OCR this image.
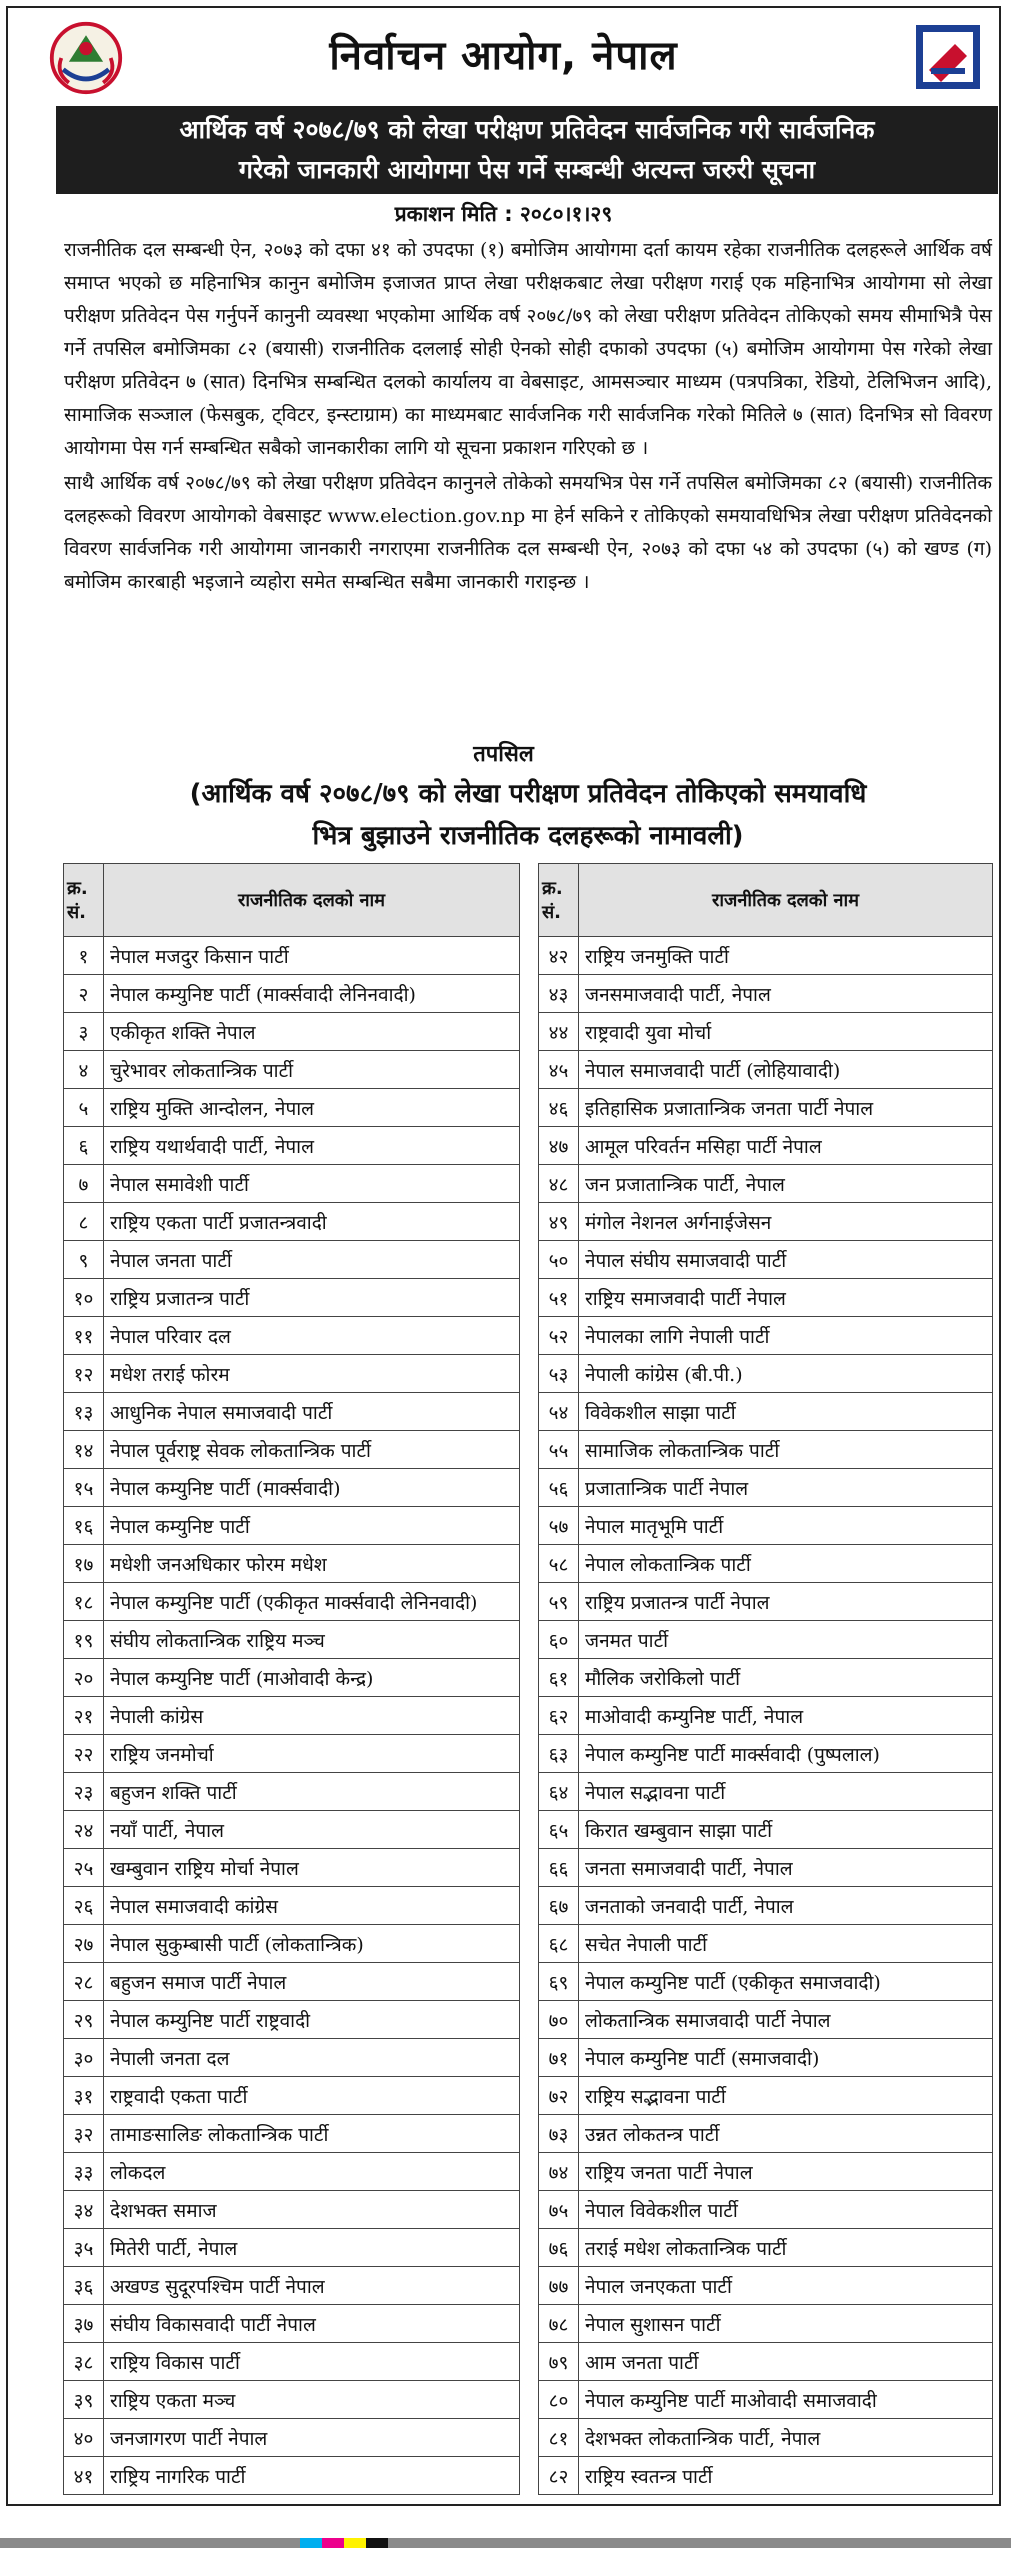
निर्वाचन आयोग, नेपाल
आर्थिक वर्ष २०७८/७९ को लेखा परीक्षण प्रतिवेदन सार्वजनिक गरी सार्वजनिक
गरेको जानकारी आयोगमा पेस गर्ने सम्बन्धी अत्यन्त जरुरी सूचना
प्रकाशन मिति : २०८०।१।२९

राजनीतिक दल सम्बन्धी ऐन, २०७३ को दफा ४१ को उपदफा (१) बमोजिम आयोगमा दर्ता कायम रहेका राजनीतिक दलहरूले आर्थिक वर्ष समाप्त भएको छ महिनाभित्र कानुन बमोजिम इजाजत प्राप्त लेखा परीक्षकबाट लेखा परीक्षण गराई एक महिनाभित्र आयोगमा सो लेखा परीक्षण प्रतिवेदन पेस गर्नुपर्ने कानुनी व्यवस्था भएकोमा आर्थिक वर्ष २०७८/७९ को लेखा परीक्षण प्रतिवेदन तोकिएको समय सीमाभित्रै पेस गर्ने तपसिल बमोजिमका ८२ (बयासी) राजनीतिक दललाई सोही ऐनको सोही दफाको उपदफा (५) बमोजिम आयोगमा पेस गरेको लेखा परीक्षण प्रतिवेदन ७ (सात) दिनभित्र सम्बन्धित दलको कार्यालय वा वेबसाइट, आमसञ्चार माध्यम (पत्रपत्रिका, रेडियो, टेलिभिजन आदि), सामाजिक सञ्जाल (फेसबुक, ट्विटर, इन्स्टाग्राम) का माध्यमबाट सार्वजनिक गरी सार्वजनिक गरेको मितिले ७ (सात) दिनभित्र सो विवरण आयोगमा पेस गर्न सम्बन्धित सबैको जानकारीका लागि यो सूचना प्रकाशन गरिएको छ ।

साथै आर्थिक वर्ष २०७८/७९ को लेखा परीक्षण प्रतिवेदन कानुनले तोकेको समयभित्र पेस गर्ने तपसिल बमोजिमका ८२ (बयासी) राजनीतिक दलहरूको विवरण आयोगको वेबसाइट www.election.gov.np मा हेर्न सकिने र तोकिएको समयावधिभित्र लेखा परीक्षण प्रतिवेदनको विवरण सार्वजनिक गरी आयोगमा जानकारी नगराएमा राजनीतिक दल सम्बन्धी ऐन, २०७३ को दफा ५४ को उपदफा (५) को खण्ड (ग) बमोजिम कारबाही भइजाने व्यहोरा समेत सम्बन्धित सबैमा जानकारी गराइन्छ ।

तपसिल
(आर्थिक वर्ष २०७८/७९ को लेखा परीक्षण प्रतिवेदन तोकिएको समयावधि
भित्र बुझाउने राजनीतिक दलहरूको नामावली)
क्र.
सं.	राजनीतिक दलको नाम
१	नेपाल मजदुर किसान पार्टी
२	नेपाल कम्युनिष्ट पार्टी (मार्क्सवादी लेनिनवादी)
३	एकीकृत शक्ति नेपाल
४	चुरेभावर लोकतान्त्रिक पार्टी
५	राष्ट्रिय मुक्ति आन्दोलन, नेपाल
६	राष्ट्रिय यथार्थवादी पार्टी, नेपाल
७	नेपाल समावेशी पार्टी
८	राष्ट्रिय एकता पार्टी प्रजातन्त्रवादी
९	नेपाल जनता पार्टी
१०	राष्ट्रिय प्रजातन्त्र पार्टी
११	नेपाल परिवार दल
१२	मधेश तराई फोरम
१३	आधुनिक नेपाल समाजवादी पार्टी
१४	नेपाल पूर्वराष्ट्र सेवक लोकतान्त्रिक पार्टी
१५	नेपाल कम्युनिष्ट पार्टी (मार्क्सवादी)
१६	नेपाल कम्युनिष्ट पार्टी
१७	मधेशी जनअधिकार फोरम मधेश
१८	नेपाल कम्युनिष्ट पार्टी (एकीकृत मार्क्सवादी लेनिनवादी)
१९	संघीय लोकतान्त्रिक राष्ट्रिय मञ्च
२०	नेपाल कम्युनिष्ट पार्टी (माओवादी केन्द्र)
२१	नेपाली कांग्रेस
२२	राष्ट्रिय जनमोर्चा
२३	बहुजन शक्ति पार्टी
२४	नयाँ पार्टी, नेपाल
२५	खम्बुवान राष्ट्रिय मोर्चा नेपाल
२६	नेपाल समाजवादी कांग्रेस
२७	नेपाल सुकुम्बासी पार्टी (लोकतान्त्रिक)
२८	बहुजन समाज पार्टी नेपाल
२९	नेपाल कम्युनिष्ट पार्टी राष्ट्रवादी
३०	नेपाली जनता दल
३१	राष्ट्रवादी एकता पार्टी
३२	तामाङसालिङ लोकतान्त्रिक पार्टी
३३	लोकदल
३४	देशभक्त समाज
३५	मितेरी पार्टी, नेपाल
३६	अखण्ड सुदूरपश्चिम पार्टी नेपाल
३७	संघीय विकासवादी पार्टी नेपाल
३८	राष्ट्रिय विकास पार्टी
३९	राष्ट्रिय एकता मञ्च
४०	जनजागरण पार्टी नेपाल
४१	राष्ट्रिय नागरिक पार्टी
क्र.
सं.	राजनीतिक दलको नाम
४२	राष्ट्रिय जनमुक्ति पार्टी
४३	जनसमाजवादी पार्टी, नेपाल
४४	राष्ट्रवादी युवा मोर्चा
४५	नेपाल समाजवादी पार्टी (लोहियावादी)
४६	इतिहासिक प्रजातान्त्रिक जनता पार्टी नेपाल
४७	आमूल परिवर्तन मसिहा पार्टी नेपाल
४८	जन प्रजातान्त्रिक पार्टी, नेपाल
४९	मंगोल नेशनल अर्गनाईजेसन
५०	नेपाल संघीय समाजवादी पार्टी
५१	राष्ट्रिय समाजवादी पार्टी नेपाल
५२	नेपालका लागि नेपाली पार्टी
५३	नेपाली कांग्रेस (बी.पी.)
५४	विवेकशील साझा पार्टी
५५	सामाजिक लोकतान्त्रिक पार्टी
५६	प्रजातान्त्रिक पार्टी नेपाल
५७	नेपाल मातृभूमि पार्टी
५८	नेपाल लोकतान्त्रिक पार्टी
५९	राष्ट्रिय प्रजातन्त्र पार्टी नेपाल
६०	जनमत पार्टी
६१	मौलिक जरोकिलो पार्टी
६२	माओवादी कम्युनिष्ट पार्टी, नेपाल
६३	नेपाल कम्युनिष्ट पार्टी मार्क्सवादी (पुष्पलाल)
६४	नेपाल सद्भावना पार्टी
६५	किरात खम्बुवान साझा पार्टी
६६	जनता समाजवादी पार्टी, नेपाल
६७	जनताको जनवादी पार्टी, नेपाल
६८	सचेत नेपाली पार्टी
६९	नेपाल कम्युनिष्ट पार्टी (एकीकृत समाजवादी)
७०	लोकतान्त्रिक समाजवादी पार्टी नेपाल
७१	नेपाल कम्युनिष्ट पार्टी (समाजवादी)
७२	राष्ट्रिय सद्भावना पार्टी
७३	उन्नत लोकतन्त्र पार्टी
७४	राष्ट्रिय जनता पार्टी नेपाल
७५	नेपाल विवेकशील पार्टी
७६	तराई मधेश लोकतान्त्रिक पार्टी
७७	नेपाल जनएकता पार्टी
७८	नेपाल सुशासन पार्टी
७९	आम जनता पार्टी
८०	नेपाल कम्युनिष्ट पार्टी माओवादी समाजवादी
८१	देशभक्त लोकतान्त्रिक पार्टी, नेपाल
८२	राष्ट्रिय स्वतन्त्र पार्टी
